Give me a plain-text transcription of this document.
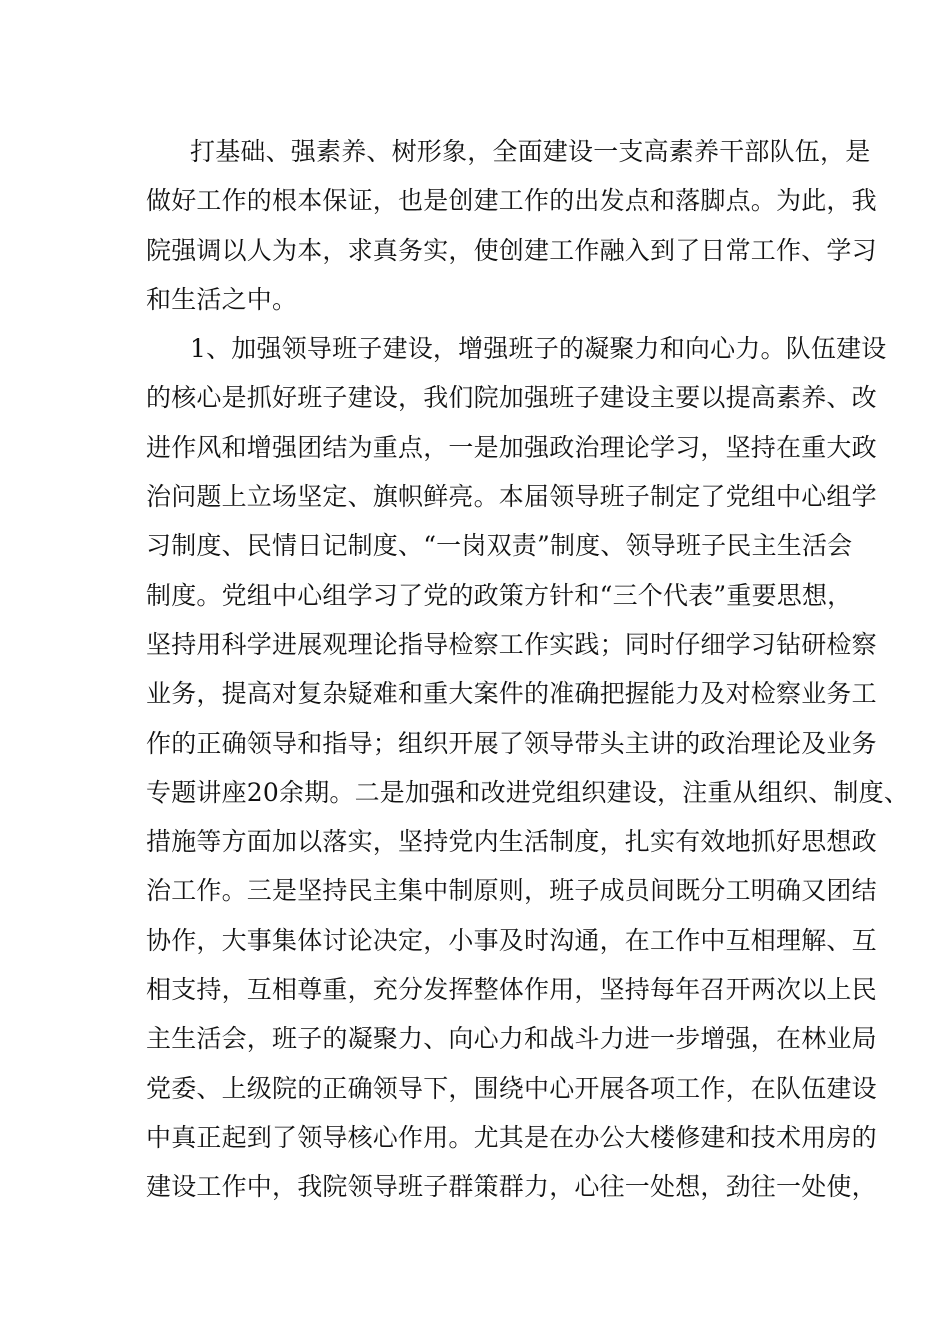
打基础、强素养、树形象，全面建设一支高素养干部队伍，是
做好工作的根本保证，也是创建工作的出发点和落脚点。为此，我
院强调以人为本，求真务实，使创建工作融入到了日常工作、学习
和生活之中。
1、加强领导班子建设，增强班子的凝聚力和向心力。队伍建设
的核心是抓好班子建设，我们院加强班子建设主要以提高素养、改
进作风和增强团结为重点，一是加强政治理论学习，坚持在重大政
治问题上立场坚定、旗帜鲜亮。本届领导班子制定了党组中心组学
习制度、民情日记制度、“一岗双责”制度、领导班子民主生活会
制度。党组中心组学习了党的政策方针和“三个代表”重要思想，
坚持用科学进展观理论指导检察工作实践；同时仔细学习钻研检察
业务，提高对复杂疑难和重大案件的准确把握能力及对检察业务工
作的正确领导和指导；组织开展了领导带头主讲的政治理论及业务
专题讲座20余期。二是加强和改进党组织建设，注重从组织、制度、
措施等方面加以落实，坚持党内生活制度，扎实有效地抓好思想政
治工作。三是坚持民主集中制原则，班子成员间既分工明确又团结
协作，大事集体讨论决定，小事及时沟通，在工作中互相理解、互
相支持，互相尊重，充分发挥整体作用，坚持每年召开两次以上民
主生活会，班子的凝聚力、向心力和战斗力进一步增强，在林业局
党委、上级院的正确领导下，围绕中心开展各项工作，在队伍建设
中真正起到了领导核心作用。尤其是在办公大楼修建和技术用房的
建设工作中，我院领导班子群策群力，心往一处想，劲往一处使，
